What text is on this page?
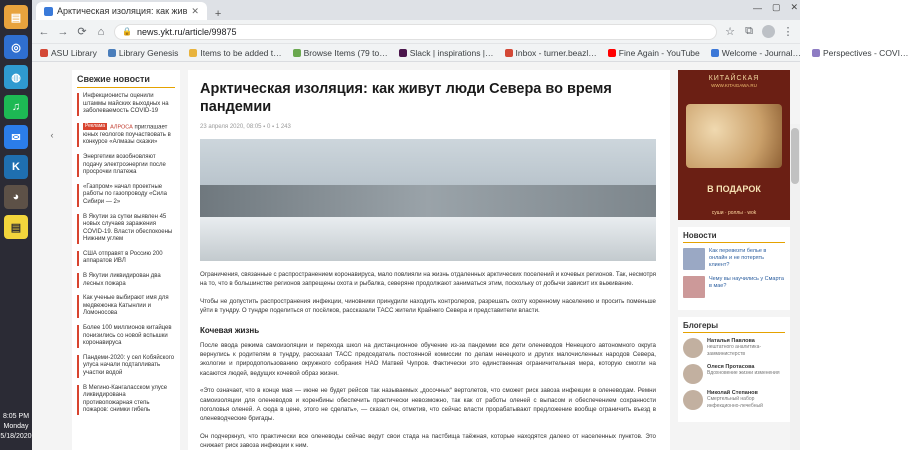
▤
◎
◍
♫
✉
K
◕
▤
8:05 PM
Monday
5/18/2020
Арктическая изоляция: как жив ✕	+
— ▢ ✕
← → ⟳ ⌂	🔒 news.ykt.ru/article/99875	☆ ⧉	⋮
ASU Library	Library Genesis	Items to be added t…	Browse Items (79 to…	Slack | inspirations |…	Inbox - turner.beazl…	Fine Again - YouTube	Welcome - Journal…	Perspectives - COVI…
‹
Свежие новости
Инфекционисты оценили штаммы майских выходных на заболеваемость COVID-19
Реклама АЛРОСА приглашает юных геологов поучаствовать в конкурсе «Алмазы сказки»
Энергетики возобновляют подачу электроэнергии после просрочки платежа
«Газпром» начал проектные работы по газопроводу «Сила Сибири — 2»
В Якутии за сутки выявлен 45 новых случаев заражения COVID-19. Власти обеспокоены Нижним углем
США отправят в Россию 200 аппаратов ИВЛ
В Якутии ликвидирован два лесных пожара
Как ученые выбирают имя для медвежонка Катынлии и Ломоносова
Более 100 миллионов китайцев понизились со новой вспышки коронавируса
Пандеми-2020: у сел Кобяйского улуса начали подтапливать участки водой
В Мегино-Кангаласском улусе ликвидирована противопожарная степь пожаров: снимки гибель
Арктическая изоляция: как живут люди Севера во время пандемии
23 апреля 2020, 08:05 ⬩ 0 ⬩ 1 243

Ограничения, связанные с распространением коронавируса, мало повлияли на жизнь отдаленных арктических поселений и кочевых регионов. Так, несмотря на то, что в большинстве регионов запрещены охота и рыбалка, северяне продолжают заниматься этим, поскольку от добычи зависит их выживание.

Чтобы не допустить распространения инфекции, чиновники принудили находить контролеров, разрешать охоту коренному населению и просить поменьше уйти в тундру. О тундре поделиться от посёлков, рассказали ТАСС жители Крайнего Севера и представители власти.

Кочевая жизнь

После ввода режима самоизоляции и перехода школ на дистанционное обучение из-за пандемии все дети оленеводов Ненецкого автономного округа вернулись к родителям в тундру, рассказал ТАСС председатель постоянной комиссии по делам ненецкого и других малочисленных народов Севера, экологии и природопользованию окружного собрания НАО Матвей Чупров. Фактически это единственная ограничительная мера, которую смогли на касаются людей, ведущих кочевой образ жизни.

«Это означает, что в конце мая — июне не будет рейсов так называемых „досочных“ вертолетов, что сможет риск завоза инфекции в оленеводам. Ремни самоизоляции для оленеводов и коренбины обеспечить практически невозможно, так как от работы оленей с выпасом и обеспечением сохранности поголовья оленей. А сюда в цене, этого не сделать», — сказал он, отметив, что сейчас власти прорабатывают предложение вообще ограничить въезд в оленеводческие бригады.

Он подчеркнул, что практически все оленеводы сейчас ведут свои стада на пастбища таёжная, которые находятся далеко от населенных пунктов. Это снижает риск завоза инфекции к ним.

КИТАЙСКАЯ
WWW.KITAIGAWA.RU
В ПОДАРОК
суши · роллы · wok
Новости
Как перевезти белье в онлайн и не потерять клиент?
Чему вы научились у Смарта в мае?
Блогеры
Наталья Павлова
нештатного аналитика-замминистерств
Олеся Протасова
Вдохновение жизни изменения
Николай Степанов
Смертельный набор инфекционно-лечебный
